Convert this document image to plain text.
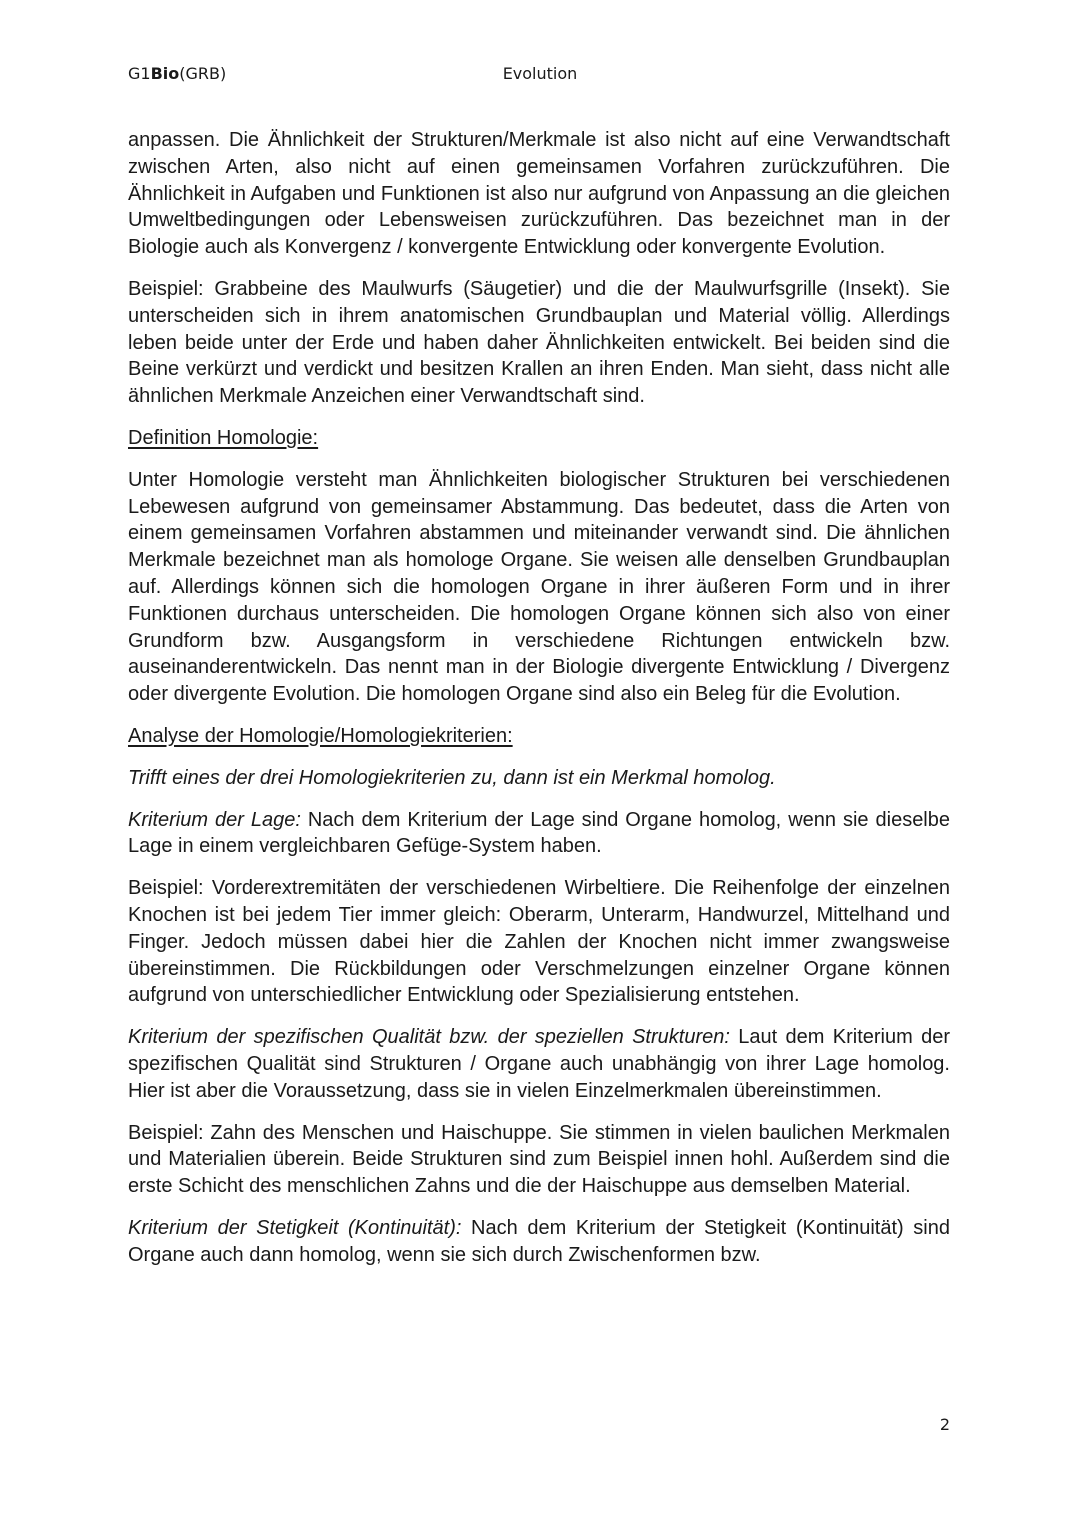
G1Bio(GRB)	Evolution

anpassen. Die Ähnlichkeit der Strukturen/Merkmale ist also nicht auf eine Verwandtschaft zwischen Arten, also nicht auf einen gemeinsamen Vorfahren zurückzuführen. Die Ähnlichkeit in Aufgaben und Funktionen ist also nur aufgrund von Anpassung an die gleichen Umweltbedingungen oder Lebensweisen zurückzuführen. Das bezeichnet man in der Biologie auch als Konvergenz / konvergente Entwicklung oder konvergente Evolution.

Beispiel: Grabbeine des Maulwurfs (Säugetier) und die der Maulwurfsgrille (Insekt). Sie unterscheiden sich in ihrem anatomischen Grundbauplan und Material völlig. Allerdings leben beide unter der Erde und haben daher Ähnlichkeiten entwickelt. Bei beiden sind die Beine verkürzt und verdickt und besitzen Krallen an ihren Enden. Man sieht, dass nicht alle ähnlichen Merkmale Anzeichen einer Verwandtschaft sind.

Definition Homologie:

Unter Homologie versteht man Ähnlichkeiten biologischer Strukturen bei verschiedenen Lebewesen aufgrund von gemeinsamer Abstammung. Das bedeutet, dass die Arten von einem gemeinsamen Vorfahren abstammen und miteinander verwandt sind. Die ähnlichen Merkmale bezeichnet man als homologe Organe. Sie weisen alle denselben Grundbauplan auf. Allerdings können sich die homologen Organe in ihrer äußeren Form und in ihrer Funktionen durchaus unterscheiden. Die homologen Organe können sich also von einer Grundform bzw. Ausgangsform in verschiedene Richtungen entwickeln bzw. auseinanderentwickeln. Das nennt man in der Biologie divergente Entwicklung / Divergenz oder divergente Evolution. Die homologen Organe sind also ein Beleg für die Evolution.

Analyse der Homologie/Homologiekriterien:

Trifft eines der drei Homologiekriterien zu, dann ist ein Merkmal homolog.

Kriterium der Lage: Nach dem Kriterium der Lage sind Organe homolog, wenn sie dieselbe Lage in einem vergleichbaren Gefüge-System haben.

Beispiel: Vorderextremitäten der verschiedenen Wirbeltiere. Die Reihenfolge der einzelnen Knochen ist bei jedem Tier immer gleich: Oberarm, Unterarm, Handwurzel, Mittelhand und Finger. Jedoch müssen dabei hier die Zahlen der Knochen nicht immer zwangsweise übereinstimmen. Die Rückbildungen oder Verschmelzungen einzelner Organe können aufgrund von unterschiedlicher Entwicklung oder Spezialisierung entstehen.

Kriterium der spezifischen Qualität bzw. der speziellen Strukturen: Laut dem Kriterium der spezifischen Qualität sind Strukturen / Organe auch unabhängig von ihrer Lage homolog. Hier ist aber die Voraussetzung, dass sie in vielen Einzelmerkmalen übereinstimmen.

Beispiel: Zahn des Menschen und Haischuppe. Sie stimmen in vielen baulichen Merkmalen und Materialien überein. Beide Strukturen sind zum Beispiel innen hohl. Außerdem sind die erste Schicht des menschlichen Zahns und die der Haischuppe aus demselben Material.

Kriterium der Stetigkeit (Kontinuität): Nach dem Kriterium der Stetigkeit (Kontinuität) sind Organe auch dann homolog, wenn sie sich durch Zwischenformen bzw.

2
